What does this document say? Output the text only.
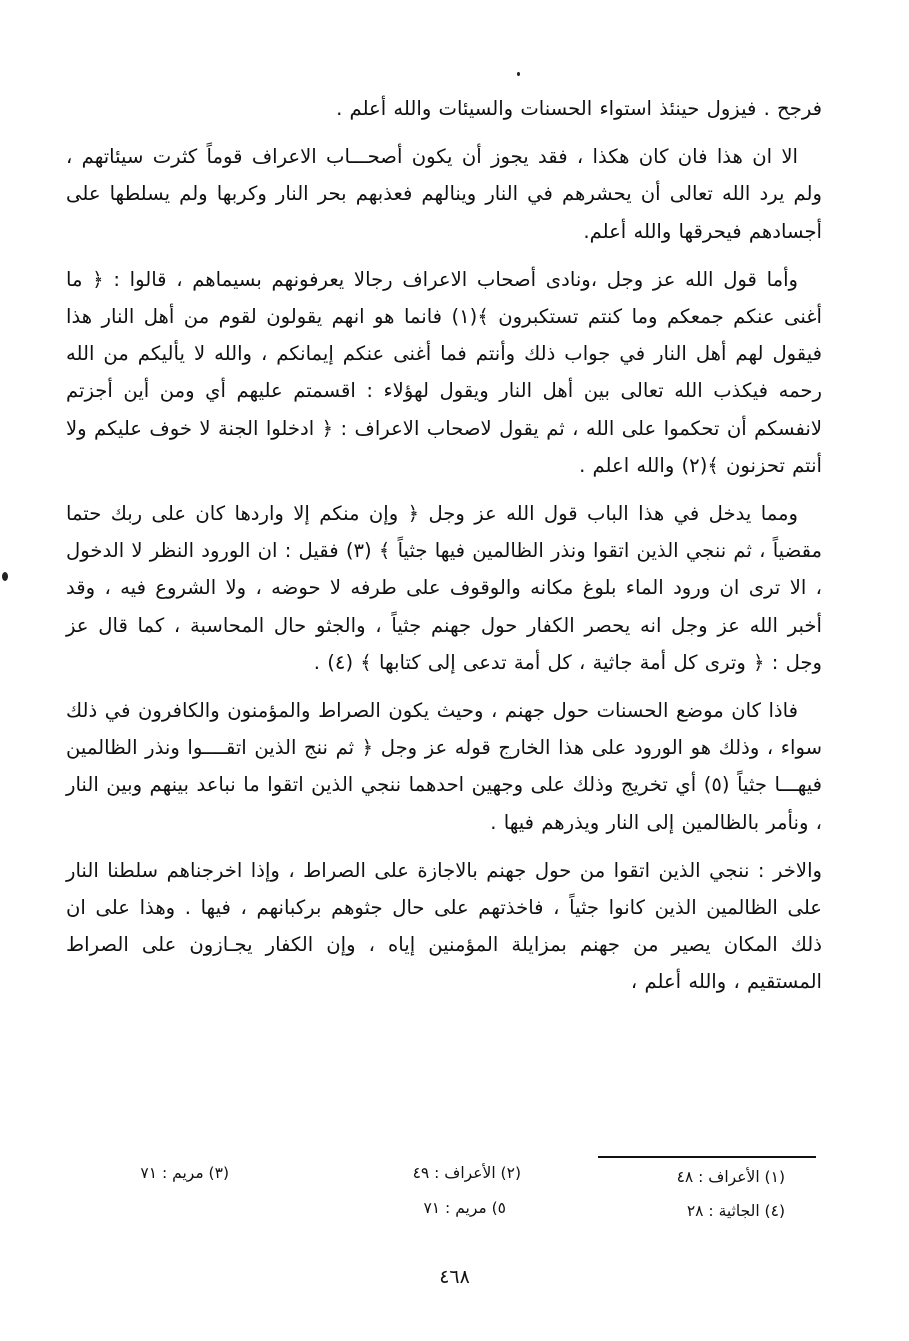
فرجح . فيزول حينئذ استواء الحسنات والسيئات والله أعلم .

الا ان هذا فان كان هكذا ، فقد يجوز أن يكون أصحـــاب الاعراف قوماً كثرت سيئاتهم ، ولم يرد الله تعالى أن يحشرهم في النار وينالهم فعذبهم بحر النار وكربها ولم يسلطها على أجسادهم فيحرقها والله أعلم.

وأما قول الله عز وجل ،ونادى أصحاب الاعراف رجالا يعرفونهم بسيماهم ، قالوا : ﴿ ما أغنى عنكم جمعكم وما كنتم تستكبرون ﴾(١) فانما هو انهم يقولون لقوم من أهل النار هذا فيقول لهم أهل النار في جواب ذلك وأنتم فما أغنى عنكم إيمانكم ، والله لا يأليكم من الله رحمه فيكذب الله تعالى بين أهل النار ويقول لهؤلاء : اقسمتم عليهم أي ومن أين أجزتم لانفسكم أن تحكموا على الله ، ثم يقول لاصحاب الاعراف : ﴿ ادخلوا الجنة لا خوف عليكم ولا أنتم تحزنون ﴾(٢) والله اعلم .

ومما يدخل في هذا الباب قول الله عز وجل ﴿ وإن منكم إلا واردها كان على ربك حتما مقضياً ، ثم ننجي الذين اتقوا ونذر الظالمين فيها جثياً ﴾ (٣) فقيل : ان الورود النظر لا الدخول ، الا ترى ان ورود الماء بلوغ مكانه والوقوف على طرفه لا حوضه ، ولا الشروع فيه ، وقد أخبر الله عز وجل انه يحصر الكفار حول جهنم جثياً ، والجثو حال المحاسبة ، كما قال عز وجل : ﴿ وترى كل أمة جاثية ، كل أمة تدعى إلى كتابها ﴾ (٤) .

فاذا كان موضع الحسنات حول جهنم ، وحيث يكون الصراط والمؤمنون والكافرون في ذلك سواء ، وذلك هو الورود على هذا الخارج قوله عز وجل ﴿ ثم ننج الذين اتقــــوا ونذر الظالمين فيهـــا جثياً (٥) أي تخريج وذلك على وجهين احدهما ننجي الذين اتقوا ما نباعد بينهم وبين النار ، ونأمر بالظالمين إلى النار ويذرهم فيها .

والاخر : ننجي الذين اتقوا من حول جهنم بالاجازة على الصراط ، وإذا اخرجناهم سلطنا النار على الظالمين الذين كانوا جثياً ، فاخذتهم على حال جثوهم بركبانهم ، فيها . وهذا على ان ذلك المكان يصير من جهنم بمزايلة المؤمنين إياه ، وإن الكفار يجـازون على الصراط المستقيم ، والله أعلم ،

(١) الأعراف : ٤٨
(٢) الأعراف : ٤٩
(٣) مريم : ٧١
(٤) الجاثية : ٢٨
٥) مريم : ٧١
٤٦٨
